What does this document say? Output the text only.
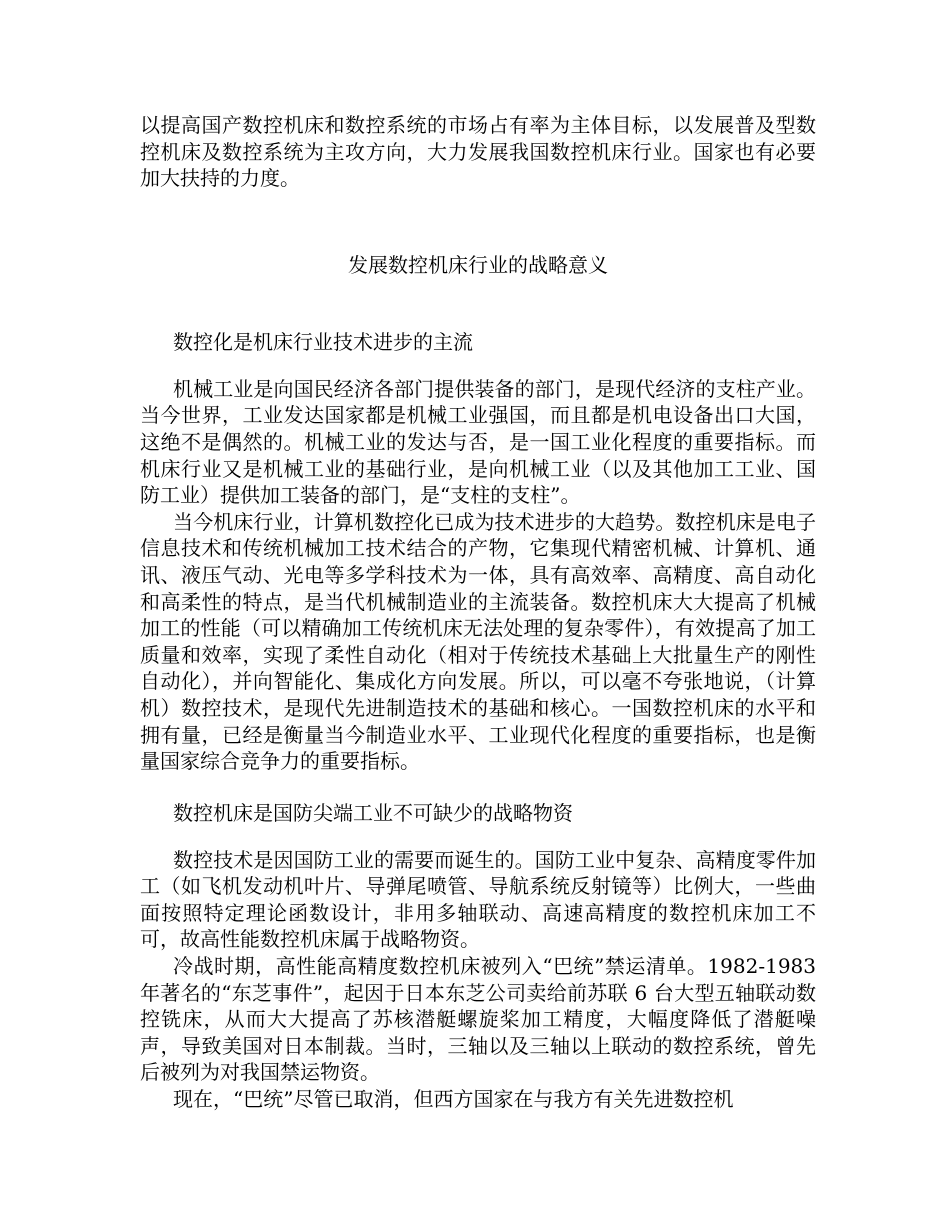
以提高国产数控机床和数控系统的市场占有率为主体目标，以发展普及型数控机床及数控系统为主攻方向，大力发展我国数控机床行业。国家也有必要加大扶持的力度。

发展数控机床行业的战略意义

数控化是机床行业技术进步的主流

机械工业是向国民经济各部门提供装备的部门，是现代经济的支柱产业。当今世界，工业发达国家都是机械工业强国，而且都是机电设备出口大国，这绝不是偶然的。机械工业的发达与否，是一国工业化程度的重要指标。而机床行业又是机械工业的基础行业，是向机械工业（以及其他加工工业、国防工业）提供加工装备的部门，是“支柱的支柱”。

当今机床行业，计算机数控化已成为技术进步的大趋势。数控机床是电子信息技术和传统机械加工技术结合的产物，它集现代精密机械、计算机、通讯、液压气动、光电等多学科技术为一体，具有高效率、高精度、高自动化和高柔性的特点，是当代机械制造业的主流装备。数控机床大大提高了机械加工的性能（可以精确加工传统机床无法处理的复杂零件），有效提高了加工质量和效率，实现了柔性自动化（相对于传统技术基础上大批量生产的刚性自动化），并向智能化、集成化方向发展。所以，可以毫不夸张地说，（计算机）数控技术，是现代先进制造技术的基础和核心。一国数控机床的水平和拥有量，已经是衡量当今制造业水平、工业现代化程度的重要指标，也是衡量国家综合竞争力的重要指标。

数控机床是国防尖端工业不可缺少的战略物资

数控技术是因国防工业的需要而诞生的。国防工业中复杂、高精度零件加工（如飞机发动机叶片、导弹尾喷管、导航系统反射镜等）比例大，一些曲面按照特定理论函数设计，非用多轴联动、高速高精度的数控机床加工不可，故高性能数控机床属于战略物资。

冷战时期，高性能高精度数控机床被列入“巴统”禁运清单。1982-1983 年著名的“东芝事件”，起因于日本东芝公司卖给前苏联 6 台大型五轴联动数控铣床，从而大大提高了苏核潜艇螺旋桨加工精度，大幅度降低了潜艇噪声，导致美国对日本制裁。当时，三轴以及三轴以上联动的数控系统，曾先后被列为对我国禁运物资。

现在，“巴统”尽管已取消，但西方国家在与我方有关先进数控机
